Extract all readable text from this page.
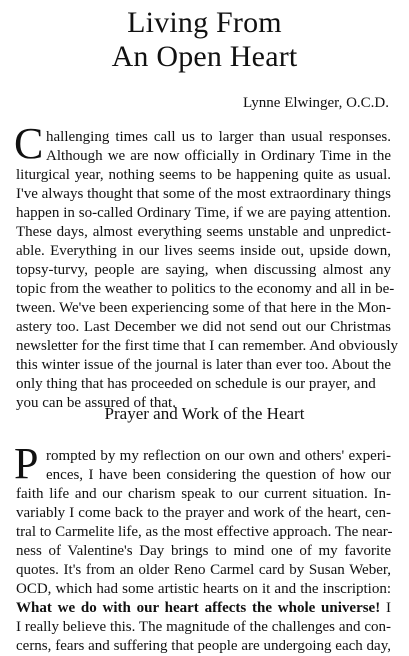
Living From
An Open Heart
Lynne Elwinger, O.C.D.
C hallenging times call us to larger than usual responses.
Although we are now officially in Ordinary Time in the
liturgical year, nothing seems to be happening quite as usual.
I've always thought that some of the most extraordinary things
happen in so-called Ordinary Time, if we are paying attention.
These days, almost everything seems unstable and unpredict-
able. Everything in our lives seems inside out, upside down,
topsy-turvy, people are saying, when discussing almost any
topic from the weather to politics to the economy and all in be-
tween. We've been experiencing some of that here in the Mon-
astery too. Last December we did not send out our Christmas
newsletter for the first time that I can remember. And obviously
this winter issue of the journal is later than ever too. About the
only thing that has proceeded on schedule is our prayer, and
you can be assured of that.
Prayer and Work of the Heart
P rompted by my reflection on our own and others' experi-
ences, I have been considering the question of how our
faith life and our charism speak to our current situation. In-
variably I come back to the prayer and work of the heart, cen-
tral to Carmelite life, as the most effective approach. The near-
ness of Valentine's Day brings to mind one of my favorite
quotes. It's from an older Reno Carmel card by Susan Weber,
OCD, which had some artistic hearts on it and the inscription:
What we do with our heart affects the whole universe! I
I really believe this. The magnitude of the challenges and con-
cerns, fears and suffering that people are undergoing each day,
